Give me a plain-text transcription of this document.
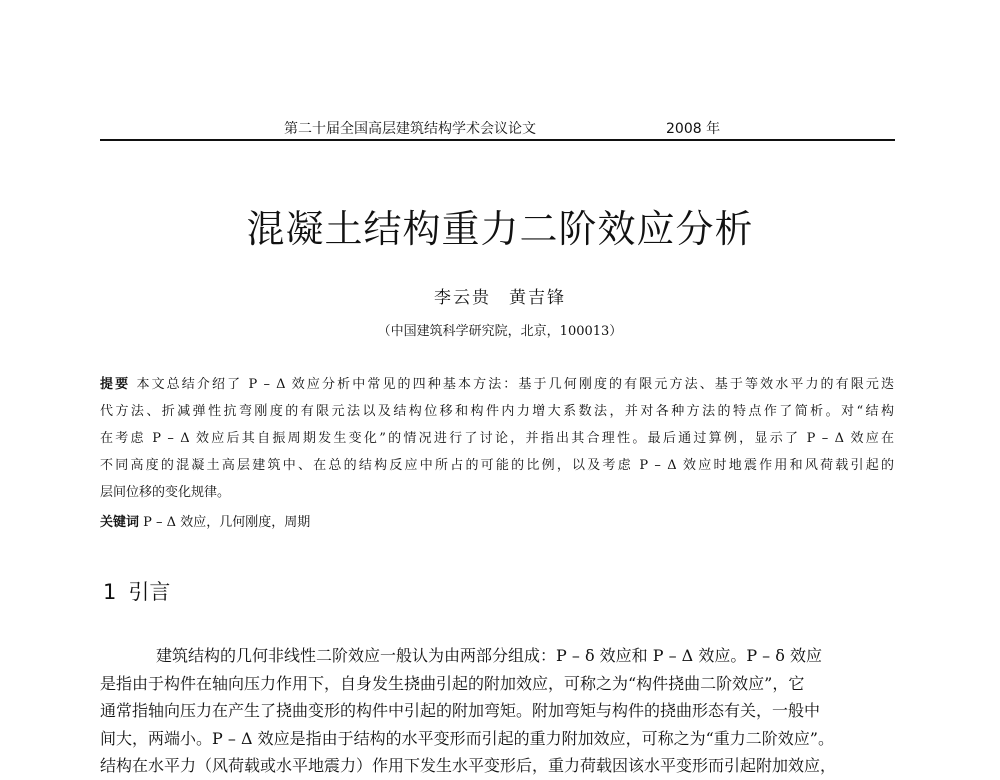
第二十届全国高层建筑结构学术会议论文	2008 年
混凝土结构重力二阶效应分析
李云贵 黄吉锋
（中国建筑科学研究院，北京，100013）
提要 本文总结介绍了 P – Δ 效应分析中常见的四种基本方法：基于几何刚度的有限元方法、基于等效水平力的有限元迭
代方法、折减弹性抗弯刚度的有限元法以及结构位移和构件内力增大系数法，并对各种方法的特点作了简析。对“结构
在考虑 P – Δ 效应后其自振周期发生变化”的情况进行了讨论，并指出其合理性。最后通过算例，显示了 P – Δ 效应在
不同高度的混凝土高层建筑中、在总的结构反应中所占的可能的比例，以及考虑 P – Δ 效应时地震作用和风荷载引起的
层间位移的变化规律。
关键词 P – Δ 效应，几何刚度，周期
1 引言
建筑结构的几何非线性二阶效应一般认为由两部分组成：P – δ 效应和 P – Δ 效应。P – δ 效应
是指由于构件在轴向压力作用下，自身发生挠曲引起的附加效应，可称之为“构件挠曲二阶效应”，它
通常指轴向压力在产生了挠曲变形的构件中引起的附加弯矩。附加弯矩与构件的挠曲形态有关，一般中
间大，两端小。P – Δ 效应是指由于结构的水平变形而引起的重力附加效应，可称之为“重力二阶效应”。
结构在水平力（风荷载或水平地震力）作用下发生水平变形后，重力荷载因该水平变形而引起附加效应，
